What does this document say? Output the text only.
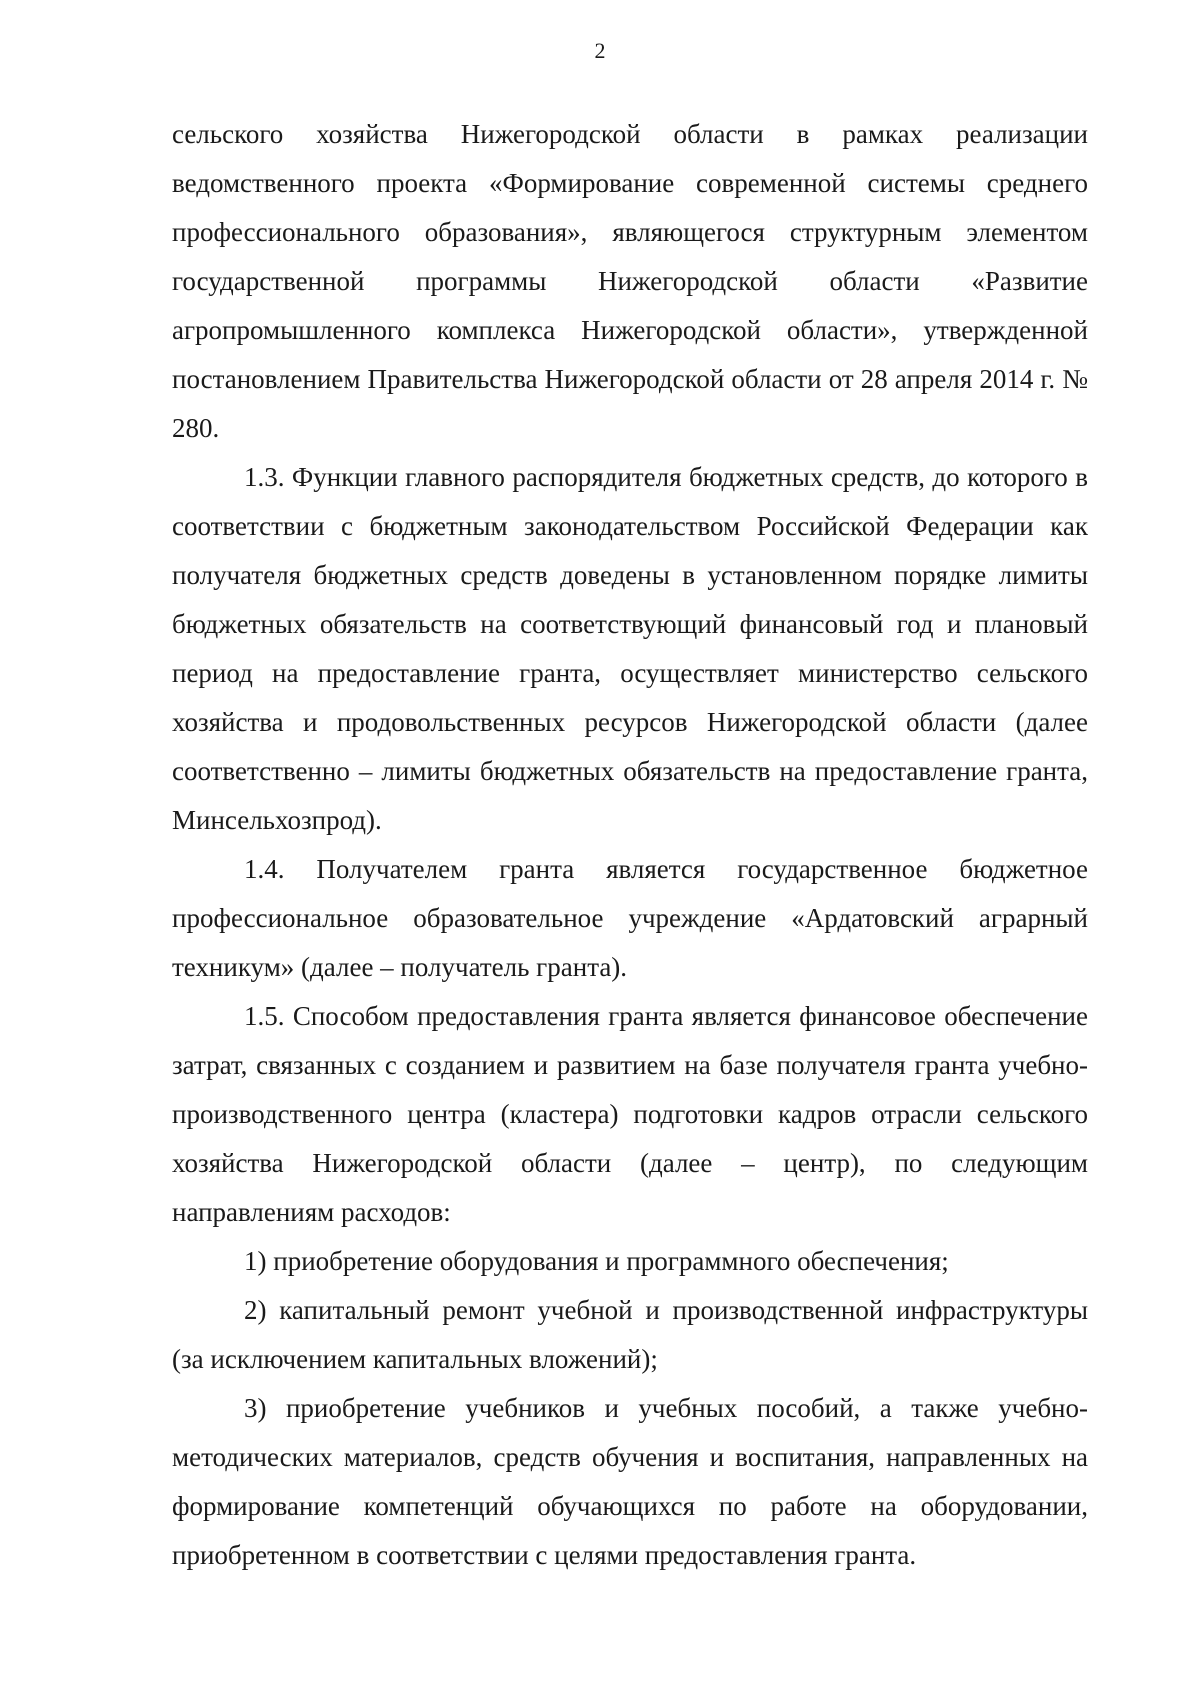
2

сельского хозяйства Нижегородской области в рамках реализации ведомственного проекта «Формирование современной системы среднего профессионального образования», являющегося структурным элементом государственной программы Нижегородской области «Развитие агропромышленного комплекса Нижегородской области», утвержденной постановлением Правительства Нижегородской области от 28 апреля 2014 г. № 280.

1.3. Функции главного распорядителя бюджетных средств, до которого в соответствии с бюджетным законодательством Российской Федерации как получателя бюджетных средств доведены в установленном порядке лимиты бюджетных обязательств на соответствующий финансовый год и плановый период на предоставление гранта, осуществляет министерство сельского хозяйства и продовольственных ресурсов Нижегородской области (далее соответственно – лимиты бюджетных обязательств на предоставление гранта, Минсельхозпрод).

1.4. Получателем гранта является государственное бюджетное профессиональное образовательное учреждение «Ардатовский аграрный техникум» (далее – получатель гранта).

1.5. Способом предоставления гранта является финансовое обеспечение затрат, связанных с созданием и развитием на базе получателя гранта учебно-производственного центра (кластера) подготовки кадров отрасли сельского хозяйства Нижегородской области (далее – центр), по следующим направлениям расходов:

1) приобретение оборудования и программного обеспечения;

2) капитальный ремонт учебной и производственной инфраструктуры (за исключением капитальных вложений);

3) приобретение учебников и учебных пособий, а также учебно-методических материалов, средств обучения и воспитания, направленных на формирование компетенций обучающихся по работе на оборудовании, приобретенном в соответствии с целями предоставления гранта.
